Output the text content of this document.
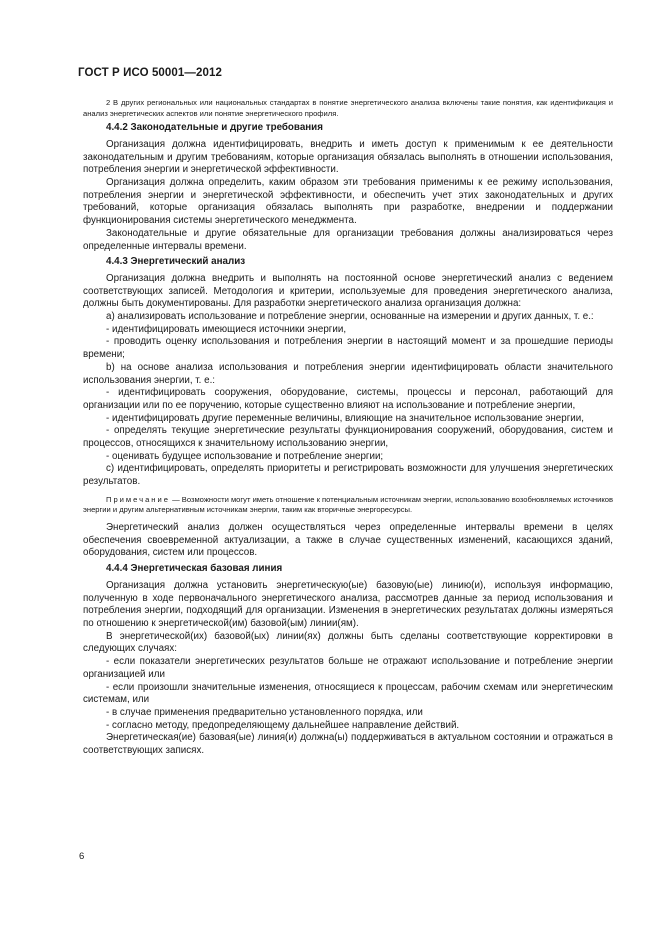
ГОСТ Р ИСО 50001—2012

2 В других региональных или национальных стандартах в понятие энергетического анализа включены такие понятия, как идентификация и анализ энергетических аспектов или понятие энергетического профиля.

4.4.2 Законодательные и другие требования

Организация должна идентифицировать, внедрить и иметь доступ к применимым к ее деятельности законодательным и другим требованиям, которые организация обязалась выполнять в отношении использования, потребления энергии и энергетической эффективности.

Организация должна определить, каким образом эти требования применимы к ее режиму использования, потребления энергии и энергетической эффективности, и обеспечить учет этих законодательных и других требований, которые организация обязалась выполнять при разработке, внедрении и поддержании функционирования системы энергетического менеджмента.

Законодательные и другие обязательные для организации требования должны анализироваться через определенные интервалы времени.

4.4.3 Энергетический анализ

Организация должна внедрить и выполнять на постоянной основе энергетический анализ с ведением соответствующих записей. Методология и критерии, используемые для проведения энергетического анализа, должны быть документированы. Для разработки энергетического анализа организация должна:

а) анализировать использование и потребление энергии, основанные на измерении и других данных, т. е.:

- идентифицировать имеющиеся источники энергии,

- проводить оценку использования и потребления энергии в настоящий момент и за прошедшие периоды времени;

b) на основе анализа использования и потребления энергии идентифицировать области значительного использования энергии, т. е.:

- идентифицировать сооружения, оборудование, системы, процессы и персонал, работающий для организации или по ее поручению, которые существенно влияют на использование и потребление энергии,

- идентифицировать другие переменные величины, влияющие на значительное использование энергии,

- определять текущие энергетические результаты функционирования сооружений, оборудования, систем и процессов, относящихся к значительному использованию энергии,

- оценивать будущее использование и потребление энергии;

с) идентифицировать, определять приоритеты и регистрировать возможности для улучшения энергетических результатов.

Примечание — Возможности могут иметь отношение к потенциальным источникам энергии, использованию возобновляемых источников энергии и другим альтернативным источникам энергии, таким как вторичные энергоресурсы.

Энергетический анализ должен осуществляться через определенные интервалы времени в целях обеспечения своевременной актуализации, а также в случае существенных изменений, касающихся зданий, оборудования, систем или процессов.

4.4.4 Энергетическая базовая линия

Организация должна установить энергетическую(ые) базовую(ые) линию(и), используя информацию, полученную в ходе первоначального энергетического анализа, рассмотрев данные за период использования и потребления энергии, подходящий для организации. Изменения в энергетических результатах должны измеряться по отношению к энергетической(им) базовой(ым) линии(ям).

В энергетической(их) базовой(ых) линии(ях) должны быть сделаны соответствующие корректировки в следующих случаях:

- если показатели энергетических результатов больше не отражают использование и потребление энергии организацией или

- если произошли значительные изменения, относящиеся к процессам, рабочим схемам или энергетическим системам, или

- в случае применения предварительно установленного порядка, или

- согласно методу, предопределяющему дальнейшее направление действий.

Энергетическая(ие) базовая(ые) линия(и) должна(ы) поддерживаться в актуальном состоянии и отражаться в соответствующих записях.

6
